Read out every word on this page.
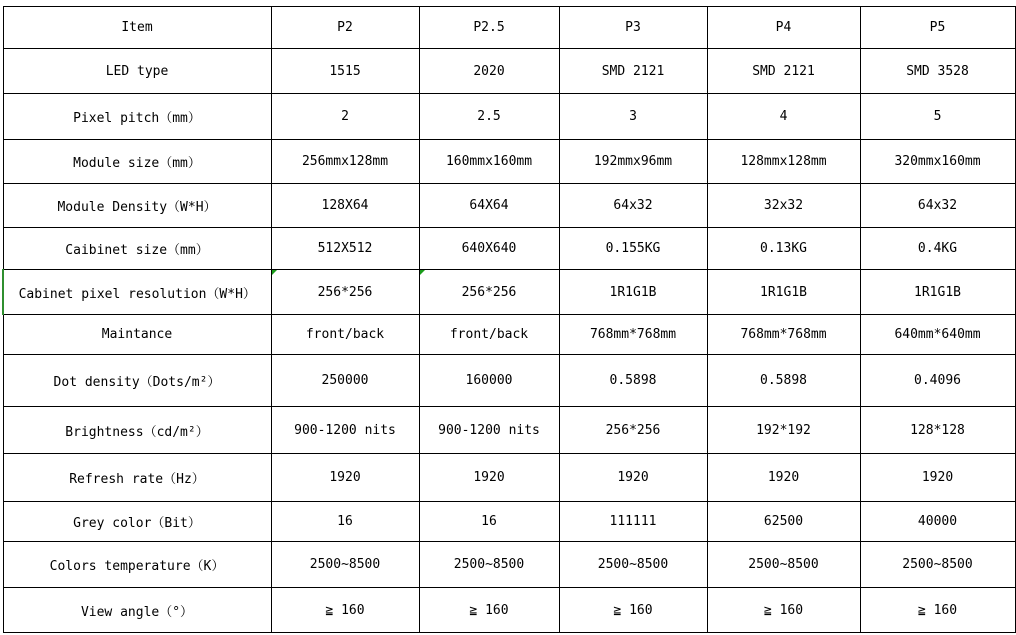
Item	P2	P2.5	P3	P4	P5
LED type	1515	2020	SMD 2121	SMD 2121	SMD 3528
Pixel pitch（mm）	2	2.5	3	4	5
Module size（mm）	256mmx128mm	160mmx160mm	192mmx96mm	128mmx128mm	320mmx160mm
Module Density（W*H）	128X64	64X64	64x32	32x32	64x32
Caibinet size（mm）	512X512	640X640	0.155KG	0.13KG	0.4KG
Cabinet pixel resolution（W*H）	256*256	256*256	1R1G1B	1R1G1B	1R1G1B
Maintance	front/back	front/back	768mm*768mm	768mm*768mm	640mm*640mm
Dot density（Dots/m²）	250000	160000	0.5898	0.5898	0.4096
Brightness（cd/m²）	900-1200 nits	900-1200 nits	256*256	192*192	128*128
Refresh rate（Hz）	1920	1920	1920	1920	1920
Grey color（Bit）	16	16	111111	62500	40000
Colors temperature（K）	2500~8500	2500~8500	2500~8500	2500~8500	2500~8500
View angle（°）	≧ 160	≧ 160	≧ 160	≧ 160	≧ 160
